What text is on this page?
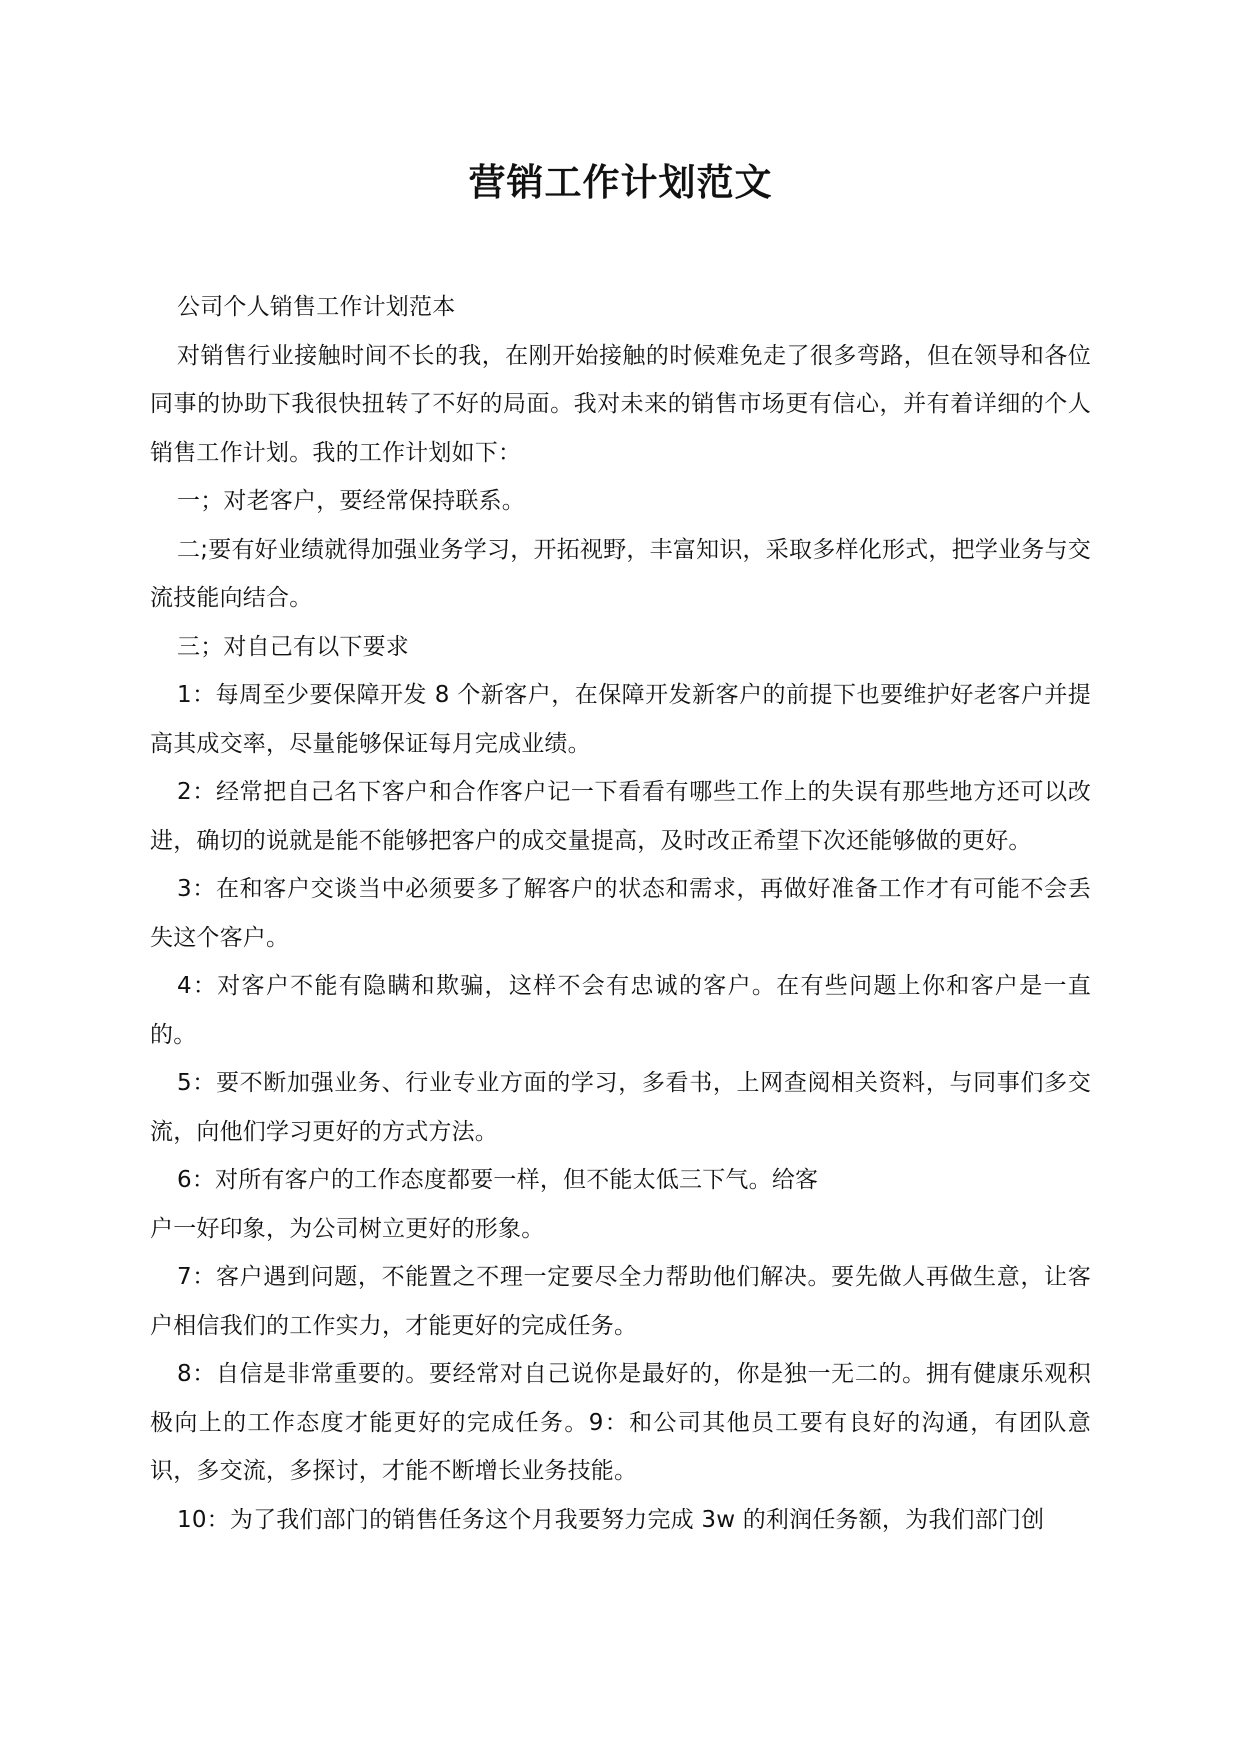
营销工作计划范文

公司个人销售工作计划范本

对销售行业接触时间不长的我，在刚开始接触的时候难免走了很多弯路，但在领导和各位同事的协助下我很快扭转了不好的局面。我对未来的销售市场更有信心，并有着详细的个人销售工作计划。我的工作计划如下：

一；对老客户，要经常保持联系。

二;要有好业绩就得加强业务学习，开拓视野，丰富知识，采取多样化形式，把学业务与交流技能向结合。

三；对自己有以下要求

1：每周至少要保障开发 8 个新客户，在保障开发新客户的前提下也要维护好老客户并提高其成交率，尽量能够保证每月完成业绩。

2：经常把自己名下客户和合作客户记一下看看有哪些工作上的失误有那些地方还可以改进，确切的说就是能不能够把客户的成交量提高，及时改正希望下次还能够做的更好。

3：在和客户交谈当中必须要多了解客户的状态和需求，再做好准备工作才有可能不会丢失这个客户。

4：对客户不能有隐瞒和欺骗，这样不会有忠诚的客户。在有些问题上你和客户是一直的。

5：要不断加强业务、行业专业方面的学习，多看书，上网查阅相关资料，与同事们多交流，向他们学习更好的方式方法。

6：对所有客户的工作态度都要一样，但不能太低三下气。给客

户一好印象，为公司树立更好的形象。

7：客户遇到问题，不能置之不理一定要尽全力帮助他们解决。要先做人再做生意，让客户相信我们的工作实力，才能更好的完成任务。

8：自信是非常重要的。要经常对自己说你是最好的，你是独一无二的。拥有健康乐观积极向上的工作态度才能更好的完成任务。9：和公司其他员工要有良好的沟通，有团队意识，多交流，多探讨，才能不断增长业务技能。

10：为了我们部门的销售任务这个月我要努力完成 3w 的利润任务额，为我们部门创
